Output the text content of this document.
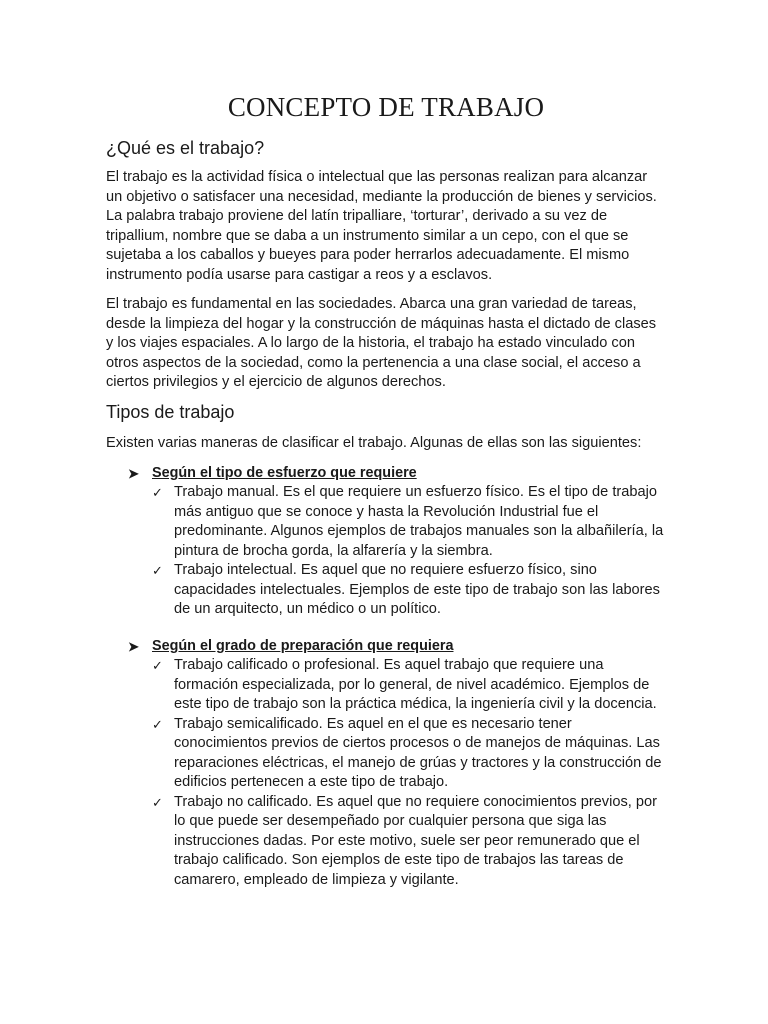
CONCEPTO DE TRABAJO
¿Qué es el trabajo?

El trabajo es la actividad física o intelectual que las personas realizan para alcanzar un objetivo o satisfacer una necesidad, mediante la producción de bienes y servicios. La palabra trabajo proviene del latín tripalliare, ‘torturar’, derivado a su vez de tripallium, nombre que se daba a un instrumento similar a un cepo, con el que se sujetaba a los caballos y bueyes para poder herrarlos adecuadamente. El mismo instrumento podía usarse para castigar a reos y a esclavos.

El trabajo es fundamental en las sociedades. Abarca una gran variedad de tareas, desde la limpieza del hogar y la construcción de máquinas hasta el dictado de clases y los viajes espaciales. A lo largo de la historia, el trabajo ha estado vinculado con otros aspectos de la sociedad, como la pertenencia a una clase social, el acceso a ciertos privilegios y el ejercicio de algunos derechos.

Tipos de trabajo

Existen varias maneras de clasificar el trabajo. Algunas de ellas son las siguientes:

➤ Según el tipo de esfuerzo que requiere
✓ Trabajo manual. Es el que requiere un esfuerzo físico. Es el tipo de trabajo más antiguo que se conoce y hasta la Revolución Industrial fue el predominante. Algunos ejemplos de trabajos manuales son la albañilería, la pintura de brocha gorda, la alfarería y la siembra.
✓ Trabajo intelectual. Es aquel que no requiere esfuerzo físico, sino capacidades intelectuales. Ejemplos de este tipo de trabajo son las labores de un arquitecto, un médico o un político.
➤ Según el grado de preparación que requiera
✓ Trabajo calificado o profesional. Es aquel trabajo que requiere una formación especializada, por lo general, de nivel académico. Ejemplos de este tipo de trabajo son la práctica médica, la ingeniería civil y la docencia.
✓ Trabajo semicalificado. Es aquel en el que es necesario tener conocimientos previos de ciertos procesos o de manejos de máquinas. Las reparaciones eléctricas, el manejo de grúas y tractores y la construcción de edificios pertenecen a este tipo de trabajo.
✓ Trabajo no calificado. Es aquel que no requiere conocimientos previos, por lo que puede ser desempeñado por cualquier persona que siga las instrucciones dadas. Por este motivo, suele ser peor remunerado que el trabajo calificado. Son ejemplos de este tipo de trabajos las tareas de camarero, empleado de limpieza y vigilante.
